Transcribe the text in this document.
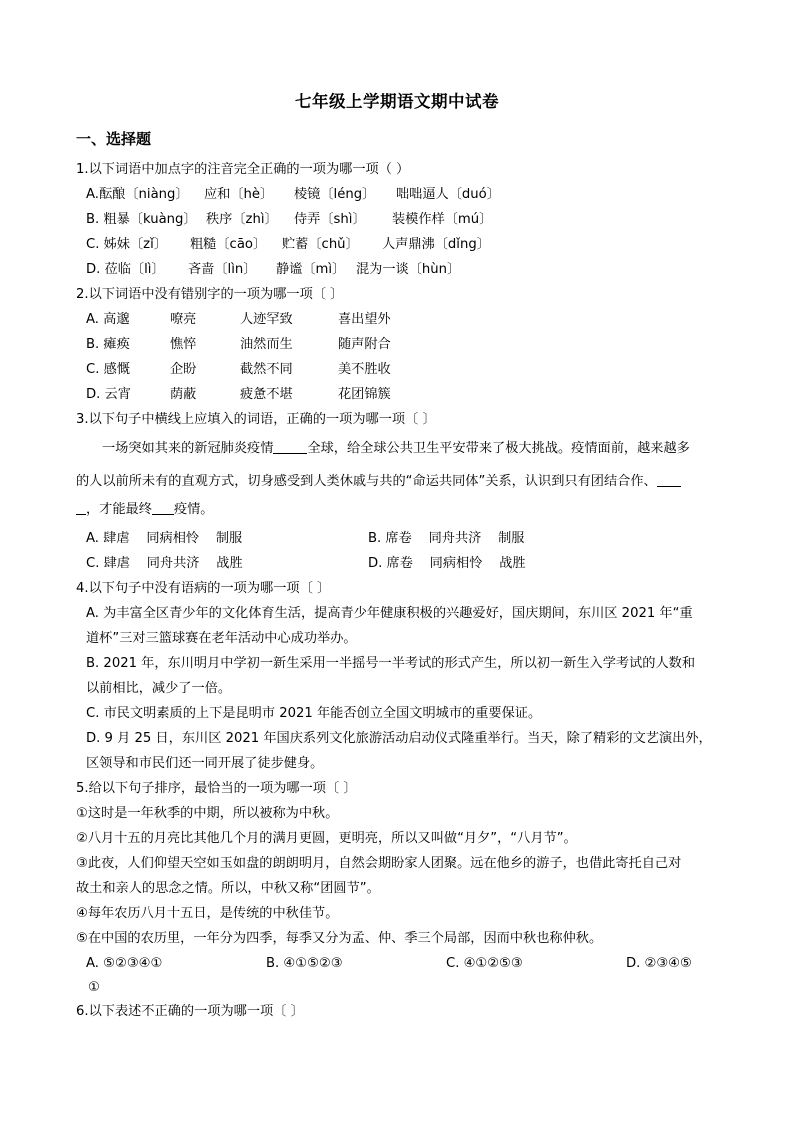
七年级上学期语文期中试卷
一、选择题
1.以下词语中加点字的注音完全正确的一项为哪一项（ ）
A.酝酿〔niàng〕 应和〔hè〕 棱镜〔léng〕 咄咄逼人〔duó〕
B. 粗暴〔kuàng〕 秩序〔zhì〕 侍弄〔shì〕 装模作样〔mú〕
C. 姊妹〔zǐ〕 粗糙〔cāo〕 贮蓄〔chǔ〕 人声鼎沸〔dǐng〕
D. 莅临〔lì〕 吝啬〔lìn〕 静谧〔mì〕 混为一谈〔hùn〕
2.以下词语中没有错别字的一项为哪一项〔 〕
A. 高邈	嘹亮	人迹罕致	喜出望外
B. 瘫痪	憔悴	油然而生	随声附合
C. 感慨	企盼	截然不同	美不胜收
D. 云宵	荫蔽	疲惫不堪	花团锦簇
3.以下句子中横线上应填入的词语，正确的一项为哪一项〔 〕
一场突如其来的新冠肺炎疫情	全球，给全球公共卫生平安带来了极大挑战。疫情面前，越来越多
的人以前所未有的直观方式，切身感受到人类休戚与共的“命运共同体”关系，认识到只有团结合作、
，才能最终 疫情。
A. 肆虐    同病相怜    制服	B. 席卷    同舟共济    制服
C. 肆虐    同舟共济    战胜	D. 席卷    同病相怜    战胜
4.以下句子中没有语病的一项为哪一项〔 〕
A. 为丰富全区青少年的文化体育生活，提高青少年健康积极的兴趣爱好，国庆期间，东川区 2021 年“重
道杯”三对三篮球赛在老年活动中心成功举办。
B. 2021 年，东川明月中学初一新生采用一半摇号一半考试的形式产生，所以初一新生入学考试的人数和
以前相比，减少了一倍。
C. 市民文明素质的上下是昆明市 2021 年能否创立全国文明城市的重要保证。
D. 9 月 25 日，东川区 2021 年国庆系列文化旅游活动启动仪式隆重举行。当天，除了精彩的文艺演出外，
区领导和市民们还一同开展了徒步健身。
5.给以下句子排序，最恰当的一项为哪一项〔 〕
①这时是一年秋季的中期，所以被称为中秋。
②八月十五的月亮比其他几个月的满月更圆，更明亮，所以又叫做“月夕”，“八月节”。
③此夜，人们仰望天空如玉如盘的朗朗明月，自然会期盼家人团聚。远在他乡的游子，也借此寄托自己对
故土和亲人的思念之情。所以，中秋又称“团圆节”。
④每年农历八月十五日，是传统的中秋佳节。
⑤在中国的农历里，一年分为四季，每季又分为孟、仲、季三个局部，因而中秋也称仲秋。
A. ⑤②③④①	B. ④①⑤②③	C. ④①②⑤③	D. ②③④⑤
①
6.以下表述不正确的一项为哪一项〔 〕
